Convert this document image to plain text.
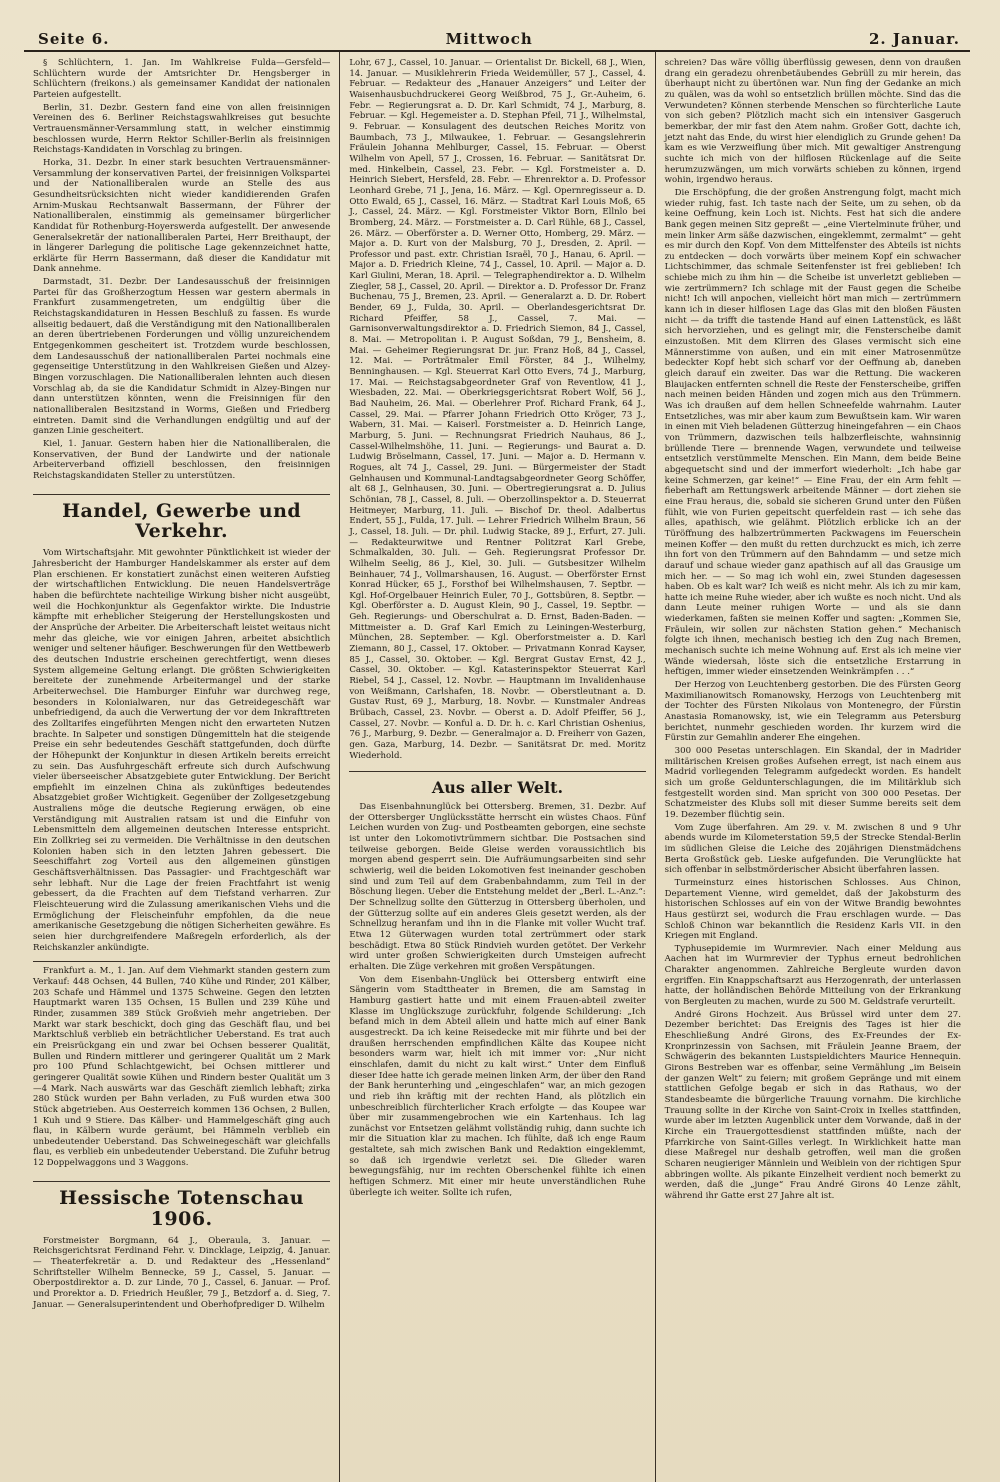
Seite 6.	Mittwoch	2. Januar.

§ Schlüchtern, 1. Jan. Im Wahlkreise Fulda—Gersfeld—Schlüchtern wurde der Amtsrichter Dr. Hengsberger in Schlüchtern (freikons.) als gemeinsamer Kandidat der nationalen Parteien aufgestellt.

Berlin, 31. Dezbr. Gestern fand eine von allen freisinnigen Vereinen des 6. Berliner Reichstagswahlkreises gut besuchte Vertrauensmänner-Versammlung statt, in welcher einstimmig beschlossen wurde, Herrn Rektor Schiller-Berlin als freisinnigen Reichstags-Kandidaten in Vorschlag zu bringen.

Horka, 31. Dezbr. In einer stark besuchten Vertrauensmänner-Versammlung der konservativen Partei, der freisinnigen Volkspartei und der Nationalliberalen wurde an Stelle des aus Gesundheitsrücksichten nicht wieder kandidierenden Grafen Arnim-Muskau Rechtsanwalt Bassermann, der Führer der Nationalliberalen, einstimmig als gemeinsamer bürgerlicher Kandidat für Rothenburg-Hoyerswerda aufgestellt. Der anwesende Generalsekretär der nationalliberalen Partei, Herr Breithaupt, der in längerer Darlegung die politische Lage gekennzeichnet hatte, erklärte für Herrn Bassermann, daß dieser die Kandidatur mit Dank annehme.

Darmstadt, 31. Dezbr. Der Landesausschuß der freisinnigen Partei für das Großherzogtum Hessen war gestern abermals in Frankfurt zusammengetreten, um endgültig über die Reichstagskandidaturen in Hessen Beschluß zu fassen. Es wurde allseitig bedauert, daß die Verständigung mit den Nationalliberalen an deren übertriebenen Forderungen und völlig unzureichendem Entgegenkommen gescheitert ist. Trotzdem wurde beschlossen, dem Landesausschuß der nationalliberalen Partei nochmals eine gegenseitige Unterstützung in den Wahlkreisen Gießen und Alzey-Bingen vorzuschlagen. Die Nationalliberalen lehnten auch diesen Vorschlag ab, da sie die Kandidatur Schmidt in Alzey-Bingen nur dann unterstützen könnten, wenn die Freisinnigen für den nationalliberalen Besitzstand in Worms, Gießen und Friedberg eintreten. Damit sind die Verhandlungen endgültig und auf der ganzen Linie gescheitert.

Kiel, 1. Januar. Gestern haben hier die Nationalliberalen, die Konservativen, der Bund der Landwirte und der nationale Arbeiterverband offiziell beschlossen, den freisinnigen Reichstagskandidaten Steller zu unterstützen.

Handel, Gewerbe und Verkehr.

Vom Wirtschaftsjahr. Mit gewohnter Pünktlichkeit ist wieder der Jahresbericht der Hamburger Handelskammer als erster auf dem Plan erschienen. Er konstatiert zunächst einen weiteren Aufstieg der wirtschaftlichen Entwicklung. Die neuen Handelsverträge haben die befürchtete nachteilige Wirkung bisher nicht ausgeübt, weil die Hochkonjunktur als Gegenfaktor wirkte. Die Industrie kämpfte mit erheblicher Steigerung der Herstellungskosten und der Ansprüche der Arbeiter. Die Arbeiterschaft leistet weitaus nicht mehr das gleiche, wie vor einigen Jahren, arbeitet absichtlich weniger und seltener häufiger. Beschwerungen für den Wettbewerb des deutschen Industrie erscheinen gerechtfertigt, wenn dieses System allgemeine Geltung erlangt. Die größten Schwierigkeiten bereitete der zunehmende Arbeitermangel und der starke Arbeiterwechsel. Die Hamburger Einfuhr war durchweg rege, besonders in Kolonialwaren, nur das Getreidegeschäft war unbefriedigend, da auch die Verwertung der vor dem Inkrafttreten des Zolltarifes eingeführten Mengen nicht den erwarteten Nutzen brachte. In Salpeter und sonstigen Düngemitteln hat die steigende Preise ein sehr bedeutendes Geschäft stattgefunden, doch dürfte der Höhepunkt der Konjunktur in diesen Artikeln bereits erreicht zu sein. Das Ausfuhrgeschäft erfreute sich durch Aufschwung vieler überseeischer Absatzgebiete guter Entwicklung. Der Bericht empfiehlt im einzelnen China als zukünftiges bedeutendes Absatzgebiet großer Wichtigkeit. Gegenüber der Zollgesetzgebung Australiens möge die deutsche Regierung erwägen, ob eine Verständigung mit Australien ratsam ist und die Einfuhr von Lebensmitteln dem allgemeinen deutschen Interesse entspricht. Ein Zollkrieg sei zu vermeiden. Die Verhältnisse in den deutschen Kolonien haben sich in den letzten Jahren gebessert. Die Seeschiffahrt zog Vorteil aus den allgemeinen günstigen Geschäftsverhältnissen. Das Passagier- und Frachtgeschäft war sehr lebhaft. Nur die Lage der freien Frachtfahrt ist wenig gebessert, da die Frachten auf dem Tiefstand verharren. Zur Fleischteuerung wird die Zulassung amerikanischen Viehs und die Ermöglichung der Fleischeinfuhr empfohlen, da die neue amerikanische Gesetzgebung die nötigen Sicherheiten gewähre. Es seien hier durchgreifendere Maßregeln erforderlich, als der Reichskanzler ankündigte.

Frankfurt a. M., 1. Jan. Auf dem Viehmarkt standen gestern zum Verkauf: 448 Ochsen, 44 Bullen, 740 Kühe und Rinder, 201 Kälber, 203 Schafe und Hämmel und 1375 Schweine. Gegen den letzten Hauptmarkt waren 135 Ochsen, 15 Bullen und 239 Kühe und Rinder, zusammen 389 Stück Großvieh mehr angetrieben. Der Markt war stark beschickt, doch ging das Geschäft flau, und bei Marktschluß verblieb ein beträchtlicher Ueberstand. Es trat auch ein Preisrückgang ein und zwar bei Ochsen besserer Qualität, Bullen und Rindern mittlerer und geringerer Qualität um 2 Mark pro 100 Pfund Schlachtgewicht, bei Ochsen mittlerer und geringerer Qualität sowie Kühen und Rindern bester Qualität um 3—4 Mark. Nach auswärts war das Geschäft ziemlich lebhaft; zirka 280 Stück wurden per Bahn verladen, zu Fuß wurden etwa 300 Stück abgetrieben. Aus Oesterreich kommen 136 Ochsen, 2 Bullen, 1 Kuh und 9 Stiere. Das Kälber- und Hammelgeschäft ging auch flau, in Kälbern wurde geräumt, bei Hämmeln verblieb ein unbedeutender Ueberstand. Das Schweinegeschäft war gleichfalls flau, es verblieb ein unbedeutender Ueberstand. Die Zufuhr betrug 12 Doppelwaggons und 3 Waggons.

Hessische Totenschau 1906.

Forstmeister Borgmann, 64 J., Oberaula, 3. Januar. — Reichsgerichtsrat Ferdinand Fehr. v. Dincklage, Leipzig, 4. Januar. — Theaterfekretär a. D. und Redakteur des „Hessenland“ Schriftsteller Wilhelm Bennecke, 59 J., Cassel, 5. Januar. — Oberpostdirektor a. D. zur Linde, 70 J., Cassel, 6. Januar. — Prof. und Prorektor a. D. Friedrich Heußler, 79 J., Betzdorf a. d. Sieg, 7. Januar. — Generalsuperintendent und Oberhofprediger D. Wilhelm

Lohr, 67 J., Cassel, 10. Januar. — Orientalist Dr. Bickell, 68 J., Wien, 14. Januar. — Musiklehrerin Frieda Weidemüller, 57 J., Cassel, 4. Februar. — Redakteur des „Hanauer Anzeigers“ und Leiter der Waisenhausbuchdruckerei Georg Weißbrod, 75 J., Gr.-Auheim, 6. Febr. — Regierungsrat a. D. Dr. Karl Schmidt, 74 J., Marburg, 8. Februar. — Kgl. Hegemeister a. D. Stephan Pfeil, 71 J., Wilhelmstal, 9. Februar. — Konsulagent des deutschen Reiches Moritz von Baumbach, 73 J., Milwaukee, 1. Februar. — Gesangslehrerin Fräulein Johanna Mehlburger, Cassel, 15. Februar. — Oberst Wilhelm von Apell, 57 J., Crossen, 16. Februar. — Sanitätsrat Dr. med. Hinkelbein, Cassel, 23. Febr. — Kgl. Forstmeister a. D. Heinrich Siebert, Hersfeld, 28. Febr. — Ehrenrektor a. D. Professor Leonhard Grebe, 71 J., Jena, 16. März. — Kgl. Opernregisseur a. D. Otto Ewald, 65 J., Cassel, 16. März. — Stadtrat Karl Louis Moß, 65 J., Cassel, 24. März. — Kgl. Forstmeister Viktor Born, Ellnlo bei Bromberg, 24. März. — Forstmeister a. D. Carl Rühle, 68 J., Cassel, 26. März. — Oberförster a. D. Werner Otto, Homberg, 29. März. — Major a. D. Kurt von der Malsburg, 70 J., Dresden, 2. April. — Professor und past. extr. Christian Israël, 70 J., Hanau, 6. April. — Major a. D. Friedrich Kleine, 74 J., Cassel, 10. April. — Major a. D. Karl Giulini, Meran, 18. April. — Telegraphendirektor a. D. Wilhelm Ziegler, 58 J., Cassel, 20. April. — Direktor a. D. Professor Dr. Franz Buchenau, 75 J., Bremen, 23. April. — Generalarzt a. D. Dr. Robert Bender, 69 J., Fulda, 30. April. — Oberlandesgerichtsrat Dr. Richard Pfeiffer, 58 J., Cassel, 7. Mai. — Garnisonverwaltungsdirektor a. D. Friedrich Siemon, 84 J., Cassel, 8. Mai. — Metropolitan i. P. August Soßdan, 79 J., Bensheim, 8. Mai. — Geheimer Regierungsrat Dr. jur. Franz Hoß, 84 J., Cassel, 12. Mai. — Porträtmaler Emil Förster, 84 J., Wilhelmy, Benninghausen. — Kgl. Steuerrat Karl Otto Evers, 74 J., Marburg, 17. Mai. — Reichstagsabgeordneter Graf von Reventlow, 41 J., Wiesbaden, 22. Mai. — Oberkriegsgerichtsrat Robert Wolf, 56 J., Bad Nauheim, 26. Mai. — Oberlehrer Prof. Richard Frank, 64 J., Cassel, 29. Mai. — Pfarrer Johann Friedrich Otto Kröger, 73 J., Wabern, 31. Mai. — Kaiserl. Forstmeister a. D. Heinrich Lange, Marburg, 5. Juni. — Rechnungsrat Friedrich Nauhaus, 86 J., Cassel-Wilhelmshöhe, 11. Juni. — Regierungs- und Baurat a. D. Ludwig Bröselmann, Cassel, 17. Juni. — Major a. D. Hermann v. Rogues, alt 74 J., Cassel, 29. Juni. — Bürgermeister der Stadt Gelnhausen und Kommunal-Landtagsabgeordneter Georg Schöffer, alt 68 J., Gelnhausen, 30. Juni. — Obertregierungsrat a. D. Julius Schönian, 78 J., Cassel, 8. Juli. — Oberzollinspektor a. D. Steuerrat Heitmeyer, Marburg, 11. Juli. — Bischof Dr. theol. Adalbertus Endert, 55 J., Fulda, 17. Juli. — Lehrer Friedrich Wilhelm Braun, 56 J., Cassel, 18. Juli. — Dr. phil. Ludwig Stacke, 89 J., Erfurt, 27. Juli. — Redakteurwitwe und Rentner Politzrat Karl Grebe, Schmalkalden, 30. Juli. — Geh. Regierungsrat Professor Dr. Wilhelm Seelig, 86 J., Kiel, 30. Juli. — Gutsbesitzer Wilhelm Beinhauer, 74 J., Vollmarshausen, 16. August. — Oberförster Ernst Konrad Hücker, 65 J., Forsthof bei Wilhelmshausen, 7. Septbr. — Kgl. Hof-Orgelbauer Heinrich Euler, 70 J., Gottsbüren, 8. Septbr. — Kgl. Oberförster a. D. August Klein, 90 J., Cassel, 19. Septbr. — Geh. Regierungs- und Oberschulrat a. D. Ernst, Baden-Baden. — Mittmeister a. D. Graf Karl Emich zu Leiningen-Westerburg, München, 28. September. — Kgl. Oberforstmeister a. D. Karl Ziemann, 80 J., Cassel, 17. Oktober. — Privatmann Konrad Kayser, 85 J., Cassel, 30. Oktober. — Kgl. Bergrat Gustav Ernst, 42 J., Cassel, 30. Oktober. — Kgl. Katasterinspektor Steuerrat Karl Riebel, 54 J., Cassel, 12. Novbr. — Hauptmann im Invalidenhause von Weißmann, Carlshafen, 18. Novbr. — Oberstleutnant a. D. Gustav Rust, 69 J., Marburg, 18. Novbr. — Kunstmaler Andreas Brübach, Cassel, 23. Novbr. — Oberst a. D. Adolf Pfeiffer, 56 J., Cassel, 27. Novbr. — Konful a. D. Dr. h. c. Karl Christian Oshenius, 76 J., Marburg, 9. Dezbr. — Generalmajor a. D. Freiherr von Gazen, gen. Gaza, Marburg, 14. Dezbr. — Sanitätsrat Dr. med. Moritz Wiederhold.

Aus aller Welt.

Das Eisenbahnunglück bei Ottersberg. Bremen, 31. Dezbr. Auf der Ottersberger Unglücksstätte herrscht ein wüstes Chaos. Fünf Leichen wurden von Zug- und Postbeamten geborgen, eine sechste ist unter den Lokomotivtrümmern sichtbar. Die Postsachen sind teilweise geborgen. Beide Gleise werden voraussichtlich bis morgen abend gesperrt sein. Die Aufräumungsarbeiten sind sehr schwierig, weil die beiden Lokomotiven fest ineinander geschoben sind und zum Teil auf dem Grabenbahndamm, zum Teil in der Böschung liegen. Ueber die Entstehung meldet der „Berl. L.-Anz.“: Der Schnellzug sollte den Gütterzug in Ottersberg überholen, und der Gütterzug sollte auf ein anderes Gleis gesetzt werden, als der Schnellzug heranfam und ihn in die Flanke mit voller Wucht traf. Etwa 12 Güterwagen wurden total zertrümmert oder stark beschädigt. Etwa 80 Stück Rindvieh wurden getötet. Der Verkehr wird unter großen Schwierigkeiten durch Umsteigen aufrecht erhalten. Die Züge verkehren mit großen Verspätungen.

Von dem Eisenbahn-Unglück bei Ottersberg entwirft eine Sängerin vom Stadttheater in Bremen, die am Samstag in Hamburg gastiert hatte und mit einem Frauen-abteil zweiter Klasse im Unglückszuge zurückfuhr, folgende Schilderung: „Ich befand mich in dem Abteil allein und hatte mich auf einer Bank ausgestreckt. Da ich keine Reisedecke mit mir führte und bei der draußen herrschenden empfindlichen Kälte das Koupee nicht besonders warm war, hielt ich mit immer vor: „Nur nicht einschlafen, damit du nicht zu kalt wirst.“ Unter dem Einfluß dieser Idee hatte ich gerade meinen linken Arm, der über den Rand der Bank herunterhing und „eingeschlafen“ war, an mich gezogen und rieb ihn kräftig mit der rechten Hand, als plötzlich ein unbeschreiblich fürchterlicher Krach erfolgte — das Koupee war über mir zusammengebrochen wie ein Kartenhaus. Ich lag zunächst vor Entsetzen gelähmt vollständig ruhig, dann suchte ich mir die Situation klar zu machen. Ich fühlte, daß ich enge Raum gestaltete, sah mich zwischen Bank und Redaktion eingeklemmt, so daß ich irgendwie verletzt sei. Die Glieder waren bewegungsfähig, nur im rechten Oberschenkel fühlte ich einen heftigen Schmerz. Mit einer mir heute unverständlichen Ruhe überlegte ich weiter. Sollte ich rufen,

schreien? Das wäre völlig überflüssig gewesen, denn von draußen drang ein geradezu ohrenbetäubendes Gebrüll zu mir herein, das überhaupt nicht zu übertönen war. Nun fing der Gedanke an mich zu quälen, was da wohl so entsetzlich brüllen möchte. Sind das die Verwundeten? Können sterbende Menschen so fürchterliche Laute von sich geben? Plötzlich macht sich ein intensiver Gasgeruch bemerkbar, der mir fast den Atem nahm. Großer Gott, dachte ich, jetzt naht das Ende, du wirst hier elendiglich zu Grunde gehen! Da kam es wie Verzweiflung über mich. Mit gewaltiger Anstrengung suchte ich mich von der hilflosen Rückenlage auf die Seite herumzuzwängen, um mich vorwärts schieben zu können, irgend wohin, irgendwo heraus.

Die Erschöpfung, die der großen Anstrengung folgt, macht mich wieder ruhig, fast. Ich taste nach der Seite, um zu sehen, ob da keine Oeffnung, kein Loch ist. Nichts. Fest hat sich die andere Bank gegen meinen Sitz gepreßt — „eine Viertelminute früher, und mein linker Arm säße dazwischen, eingeklemmt, zermalmt“ — geht es mir durch den Kopf. Von dem Mittelfenster des Abteils ist nichts zu entdecken — doch vorwärts über meinem Kopf ein schwacher Lichtschimmer, das schmale Seitenfenster ist frei geblieben! Ich schiebe mich zu ihm hin — die Scheibe ist unverletzt geblieben — wie zertrümmern? Ich schlage mit der Faust gegen die Scheibe nicht! Ich will anpochen, vielleicht hört man mich — zertrümmern kann ich in dieser hilflosen Lage das Glas mit den bloßen Fäusten nicht — da trifft die tastende Hand auf einen Lattenstück, es läßt sich hervorziehen, und es gelingt mir, die Fensterscheibe damit einzustoßen. Mit dem Klirren des Glases vermischt sich eine Männerstimme von außen, und ein mit einer Matrosenmütze bedeckter Kopf hebt sich scharf vor der Oeffnung ab, daneben gleich darauf ein zweiter. Das war die Rettung. Die wackeren Blaujacken entfernten schnell die Reste der Fensterscheibe, griffen nach meinen beiden Händen und zogen mich aus den Trümmern. Was ich draußen auf dem hellen Schneefelde wahrnahm. Lauter Entsetzliches, was mir aber kaum zum Bewußtsein kam. Wir waren in einen mit Vieh beladenen Gütterzug hineingefahren — ein Chaos von Trümmern, dazwischen teils halbzerfleischte, wahnsinnig brüllende Tiere — brennende Wagen, verwundete und teilweise entsetzlich verstümmelte Menschen. Ein Mann, dem beide Beine abgequetscht sind und der immerfort wiederholt: „Ich habe gar keine Schmerzen, gar keine!“ — Eine Frau, der ein Arm fehlt — fieberhaft am Rettungswerk arbeitende Männer — dort ziehen sie eine Frau heraus, die, sobald sie sicheren Grund unter den Füßen fühlt, wie von Furien gepeitscht querfeldein rast — ich sehe das alles, apathisch, wie gelähmt. Plötzlich erblicke ich an der Türöffnung des halbzertrümmerten Packwagens im Feuerschein meinen Koffer — den mußt du retten durchzuckt es mich, ich zerre ihn fort von den Trümmern auf den Bahndamm — und setze mich darauf und schaue wieder ganz apathisch auf all das Grausige um mich her. — — So mag ich wohl ein, zwei Stunden dagesessen haben. Ob es kalt war? Ich weiß es nicht mehr. Als ich zu mir kam, hatte ich meine Ruhe wieder, aber ich wußte es noch nicht. Und als dann Leute meiner ruhigen Worte — und als sie dann wiederkamen, faßten sie meinen Koffer und sagten: „Kommen Sie, Fräulein, wir sollen zur nächsten Station gehen.“ Mechanisch folgte ich ihnen, mechanisch bestieg ich den Zug nach Bremen, mechanisch suchte ich meine Wohnung auf. Erst als ich meine vier Wände wiedersah, löste sich die entsetzliche Erstarrung in heftigen, immer wieder einsetzenden Weinkrämpfen . . .“

Der Herzog von Leuchtenberg gestorben. Die des Fürsten Georg Maximilianowitsch Romanowsky, Herzogs von Leuchtenberg mit der Tochter des Fürsten Nikolaus von Montenegro, der Fürstin Anastasia Romanowsky, ist, wie ein Telegramm aus Petersburg berichtet, nunmehr geschieden worden. Ihr kurzem wird die Fürstin zur Gemahlin anderer Ehe eingehen.

300 000 Pesetas unterschlagen. Ein Skandal, der in Madrider militärischen Kreisen großes Aufsehen erregt, ist nach einem aus Madrid vorliegenden Telegramm aufgedeckt worden. Es handelt sich um große Geldunterschlagungen, die im Militärklub sich festgestellt worden sind. Man spricht von 300 000 Pesetas. Der Schatzmeister des Klubs soll mit dieser Summe bereits seit dem 19. Dezember flüchtig sein.

Vom Zuge überfahren. Am 29. v. M. zwischen 8 und 9 Uhr abends wurde im Kilometerstation 59,5 der Strecke Stendal-Berlin im südlichen Gleise die Leiche des 20jährigen Dienstmädchens Berta Großstück geb. Lieske aufgefunden. Die Verunglückte hat sich offenbar in selbstmörderischer Absicht überfahren lassen.

Turmeinsturz eines historischen Schlosses. Aus Chinon, Departement Vienne, wird gemeldet, daß der Jakobsturm des historischen Schlosses auf ein von der Witwe Brandig bewohntes Haus gestürzt sei, wodurch die Frau erschlagen wurde. — Das Schloß Chinon war bekanntlich die Residenz Karls VII. in den Kriegen mit England.

Typhusepidemie im Wurmrevier. Nach einer Meldung aus Aachen hat im Wurmrevier der Typhus erneut bedrohlichen Charakter angenommen. Zahlreiche Bergleute wurden davon ergriffen. Ein Knappschaftsarzt aus Herzogenrath, der unterlassen hatte, der holländischen Behörde Mitteilung von der Erkrankung von Bergleuten zu machen, wurde zu 500 M. Geldstrafe verurteilt.

André Girons Hochzeit. Aus Brüssel wird unter dem 27. Dezember berichtet: Das Ereignis des Tages ist hier die Eheschließung André Girons, des Ex-Freundes der Ex-Kronprinzessin von Sachsen, mit Fräulein Jeanne Braem, der Schwägerin des bekannten Lustspieldichters Maurice Hennequin. Girons Bestreben war es offenbar, seine Vermählung „im Beisein der ganzen Welt“ zu feiern; mit großem Gepränge und mit einem stattlichen Gefolge begab er sich in das Rathaus, wo der Standesbeamte die bürgerliche Trauung vornahm. Die kirchliche Trauung sollte in der Kirche von Saint-Croix in Ixelles stattfinden, wurde aber im letzten Augenblick unter dem Vorwande, daß in der Kirche ein Trauergottesdienst stattfinden müßte, nach der Pfarrkirche von Saint-Gilles verlegt. In Wirklichkeit hatte man diese Maßregel nur deshalb getroffen, weil man die großen Scharen neugieriger Männlein und Weiblein von der richtigen Spur abbringen wollte. Als pikante Einzelheit verdient noch bemerkt zu werden, daß die „junge“ Frau André Girons 40 Lenze zählt, während ihr Gatte erst 27 Jahre alt ist.
